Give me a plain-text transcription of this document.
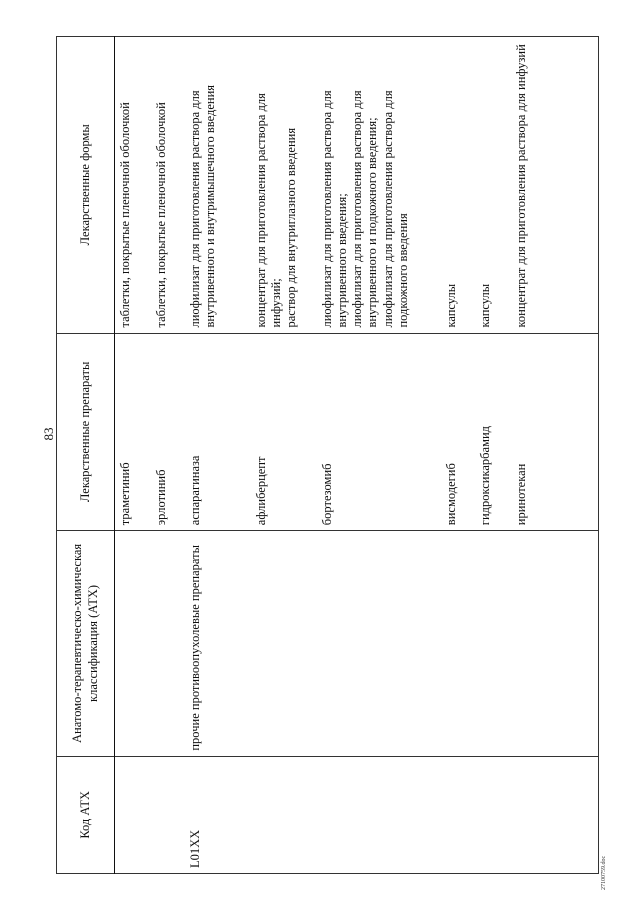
83
Код АТХ	Анатомо-терапевтическо-химическая классификация (АТХ)	Лекарственные препараты	Лекарственные формы
		траметиниб	таблетки, покрытые пленочной оболочкой

		эрлотиниб	таблетки, покрытые пленочной оболочкой

L01XX	прочие противоопухолевые препараты	аспарагиназа	лиофилизат для приготовления раствора для внутривенного и внутримышечного введения

		афлиберцепт	концентрат для приготовления раствора для инфузий; раствор для внутриглазного введения

		бортезомиб	лиофилизат для приготовления раствора для внутривенного введения; лиофилизат для приготовления раствора для внутривенного и подкожного введения; лиофилизат для приготовления раствора для подкожного введения

		висмодегиб	капсулы

		гидроксикарбамид	капсулы

		иринотекан	концентрат для приготовления раствора для инфузий
27100759.doc
